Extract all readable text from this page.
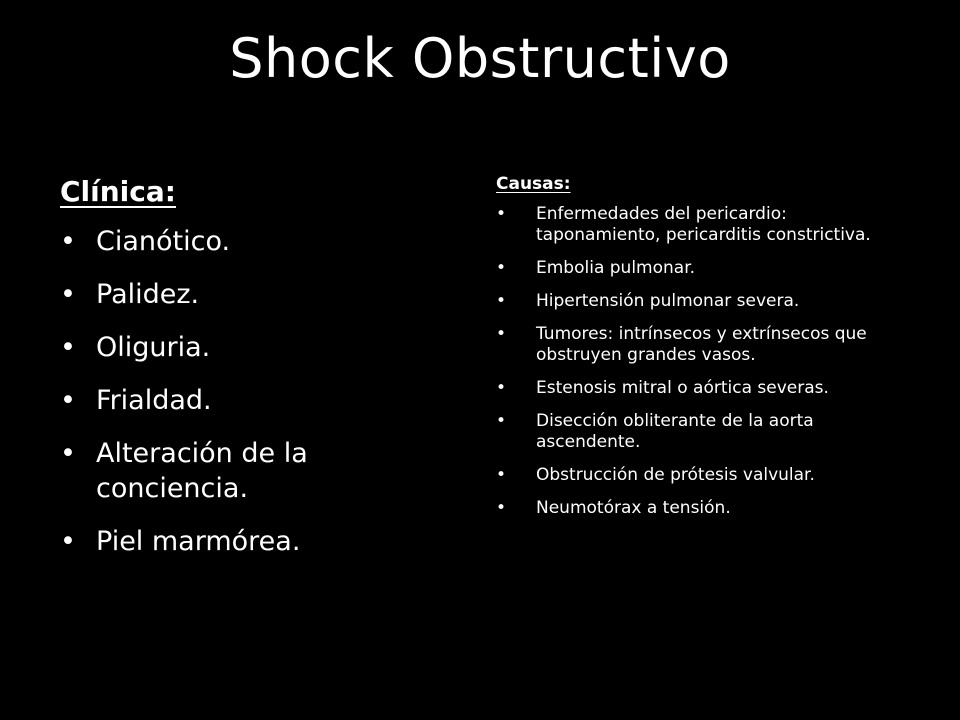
Shock Obstructivo
Clínica:
• Cianótico.
• Palidez.
• Oliguria.
• Frialdad.
• Alteración de la conciencia.
• Piel marmórea.
Causas:
• Enfermedades del pericardio: taponamiento, pericarditis constrictiva.
• Embolia pulmonar.
• Hipertensión pulmonar severa.
• Tumores: intrínsecos y extrínsecos que obstruyen grandes vasos.
• Estenosis mitral o aórtica severas.
• Disección obliterante de la aorta ascendente.
• Obstrucción de prótesis valvular.
• Neumotórax a tensión.
